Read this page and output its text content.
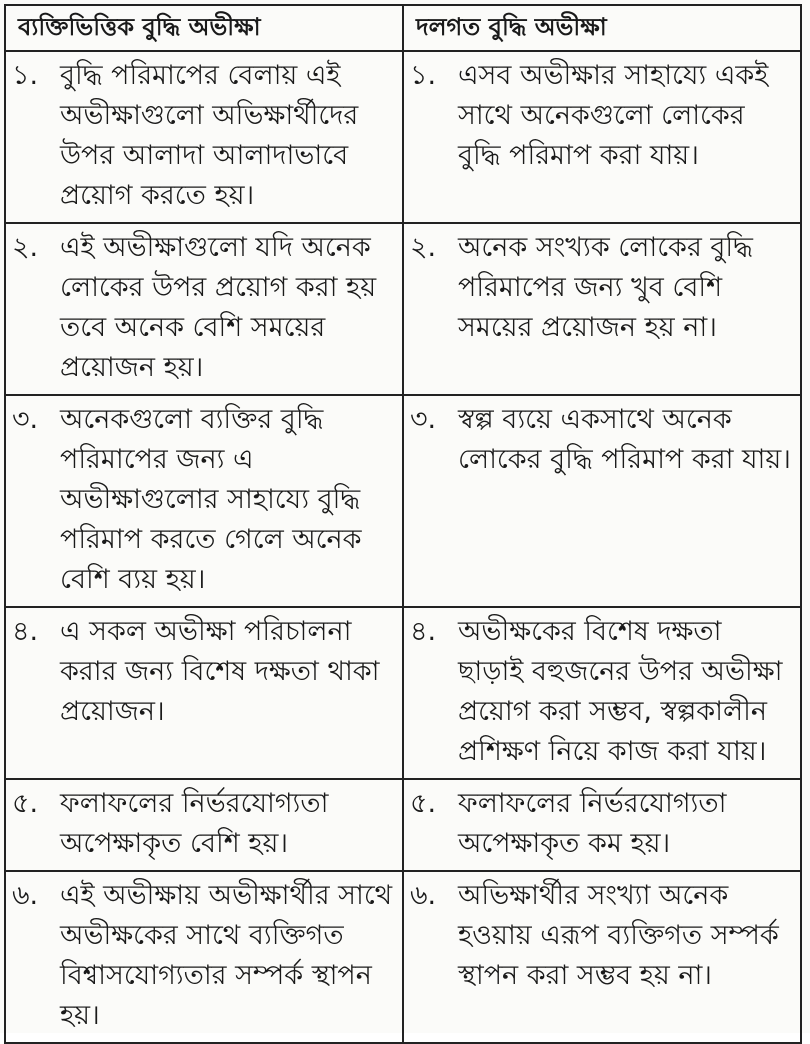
ব্যক্তিভিত্তিক বুদ্ধি অভীক্ষা	দলগত বুদ্ধি অভীক্ষা

১. বুদ্ধি পরিমাপের বেলায় এই অভীক্ষাগুলো অভিক্ষার্থীদের উপর আলাদা আলাদাভাবে প্রয়োগ করতে হয়।	১. এসব অভীক্ষার সাহায্যে একই সাথে অনেকগুলো লোকের বুদ্ধি পরিমাপ করা যায়।

২. এই অভীক্ষাগুলো যদি অনেক লোকের উপর প্রয়োগ করা হয় তবে অনেক বেশি সময়ের প্রয়োজন হয়।	২. অনেক সংখ্যক লোকের বুদ্ধি পরিমাপের জন্য খুব বেশি সময়ের প্রয়োজন হয় না।

৩. অনেকগুলো ব্যক্তির বুদ্ধি পরিমাপের জন্য এ অভীক্ষাগুলোর সাহায্যে বুদ্ধি পরিমাপ করতে গেলে অনেক বেশি ব্যয় হয়।	৩. স্বল্প ব্যয়ে একসাথে অনেক লোকের বুদ্ধি পরিমাপ করা যায়।

৪. এ সকল অভীক্ষা পরিচালনা করার জন্য বিশেষ দক্ষতা থাকা প্রয়োজন।	৪. অভীক্ষকের বিশেষ দক্ষতা ছাড়াই বহুজনের উপর অভীক্ষা প্রয়োগ করা সম্ভব, স্বল্পকালীন প্রশিক্ষণ নিয়ে কাজ করা যায়।

৫. ফলাফলের নির্ভরযোগ্যতা অপেক্ষাকৃত বেশি হয়।	৫. ফলাফলের নির্ভরযোগ্যতা অপেক্ষাকৃত কম হয়।

৬. এই অভীক্ষায় অভীক্ষার্থীর সাথে অভীক্ষকের সাথে ব্যক্তিগত বিশ্বাসযোগ্যতার সম্পর্ক স্থাপন হয়।	৬. অভিক্ষার্থীর সংখ্যা অনেক হওয়ায় এরূপ ব্যক্তিগত সম্পর্ক স্থাপন করা সম্ভব হয় না।
